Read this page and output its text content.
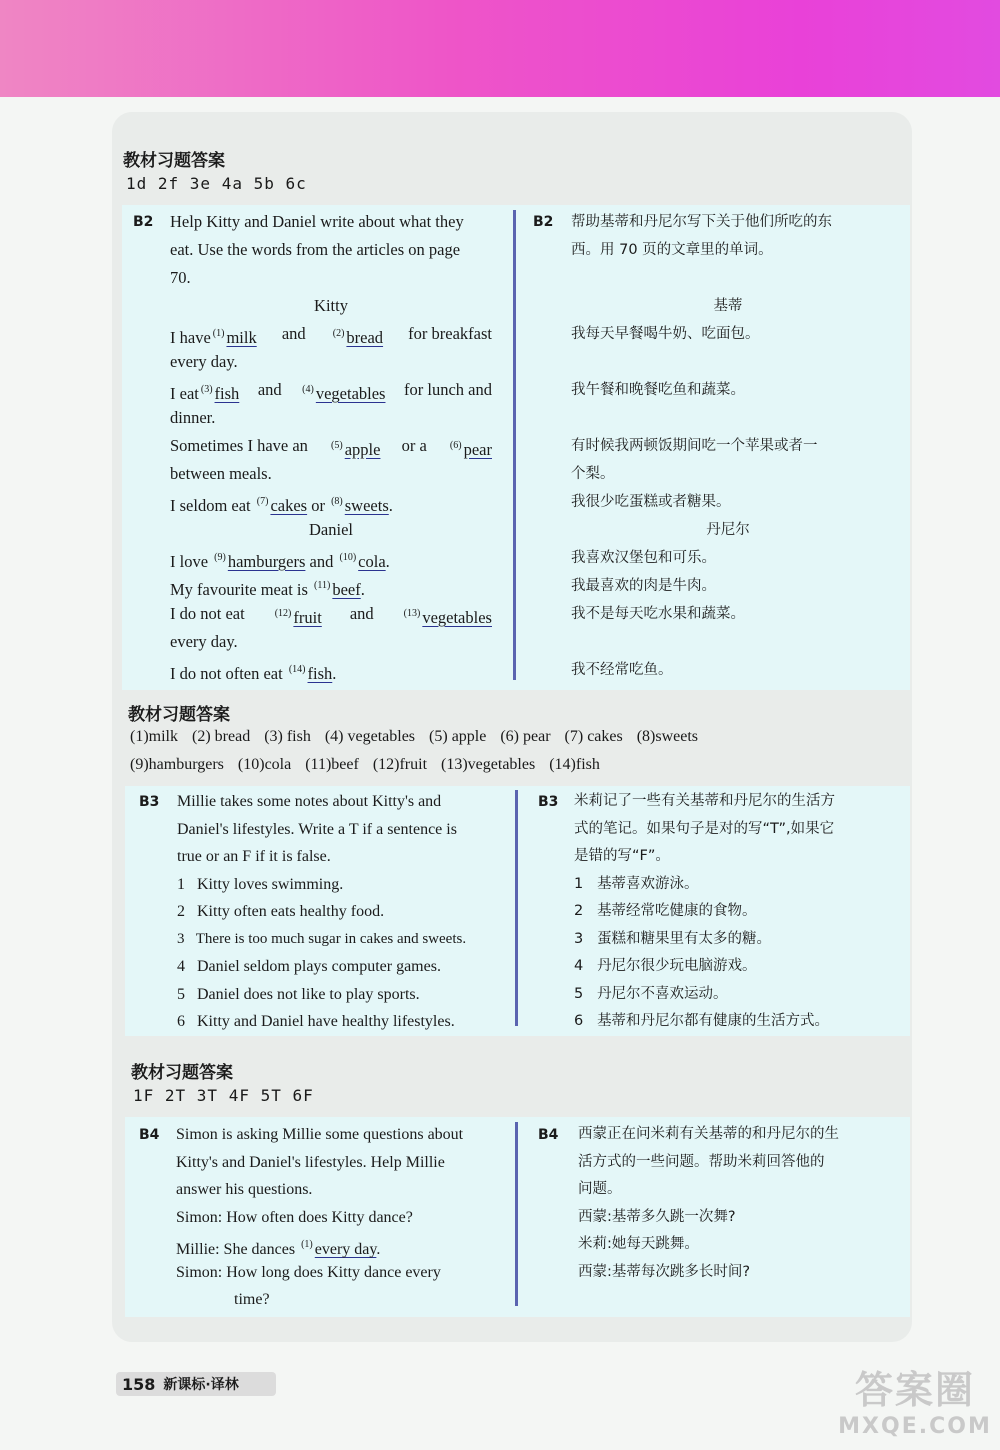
教材习题答案

1d 2f 3e 4a 5b 6c

B2 Help Kitty and Daniel write about what they
eat. Use the words from the articles on page
70.
Kitty
I have $^{(1)}$ milk and	$^{(2)}$ bread for breakfast
every day.
I eat $^{(3)}$ fish and $^{(4)}$ vegetables for lunch and
dinner.
Sometimes I have an $^{(5)}$ apple or a $^{(6)}$ pear
between meals.
I seldom eat $^{(7)}$ cakes or $^{(8)}$ sweets.
Daniel
I love $^{(9)}$ hamburgers and $^{(10)}$ cola.
My favourite meat is $^{(11)}$ beef.
I do not eat	$^{(12)}$ fruit and	$^{(13)}$ vegetables
every day.
I do not often eat $^{(14)}$ fish.
B2 帮助基蒂和丹尼尔写下关于他们所吃的东
西。用 70 页的文章里的单词。
基蒂
我每天早餐喝牛奶、吃面包。
我午餐和晚餐吃鱼和蔬菜。
有时候我两顿饭期间吃一个苹果或者一
个梨。
我很少吃蛋糕或者糖果。
丹尼尔
我喜欢汉堡包和可乐。
我最喜欢的肉是牛肉。
我不是每天吃水果和蔬菜。
我不经常吃鱼。
教材习题答案
(1)milk (2) bread (3) fish (4) vegetables (5) apple (6) pear (7) cakes (8)sweets
(9)hamburgers (10)cola (11)beef (12)fruit (13)vegetables (14)fish
B3 Millie takes some notes about Kitty's and
Daniel's lifestyles. Write a T if a sentence is
true or an F if it is false.
1 Kitty loves swimming.
2 Kitty often eats healthy food.
3 There is too much sugar in cakes and sweets.
4 Daniel seldom plays computer games.
5 Daniel does not like to play sports.
6 Kitty and Daniel have healthy lifestyles.
B3 米莉记了一些有关基蒂和丹尼尔的生活方
式的笔记。如果句子是对的写“T”,如果它
是错的写“F”。
1 基蒂喜欢游泳。
2 基蒂经常吃健康的食物。
3 蛋糕和糖果里有太多的糖。
4 丹尼尔很少玩电脑游戏。
5 丹尼尔不喜欢运动。
6 基蒂和丹尼尔都有健康的生活方式。
教材习题答案

1F 2T 3T 4F 5T 6F

B4 Simon is asking Millie some questions about
Kitty's and Daniel's lifestyles. Help Millie
answer his questions.
Simon: How often does Kitty dance?
Millie: She dances $^{(1)}$ every day.
Simon: How long does Kitty dance every
time?
B4 西蒙正在问米莉有关基蒂的和丹尼尔的生
活方式的一些问题。帮助米莉回答他的
问题。
西蒙:基蒂多久跳一次舞?
米莉:她每天跳舞。
西蒙:基蒂每次跳多长时间?
158 新课标·译林	答案圈
MXQE.COM
